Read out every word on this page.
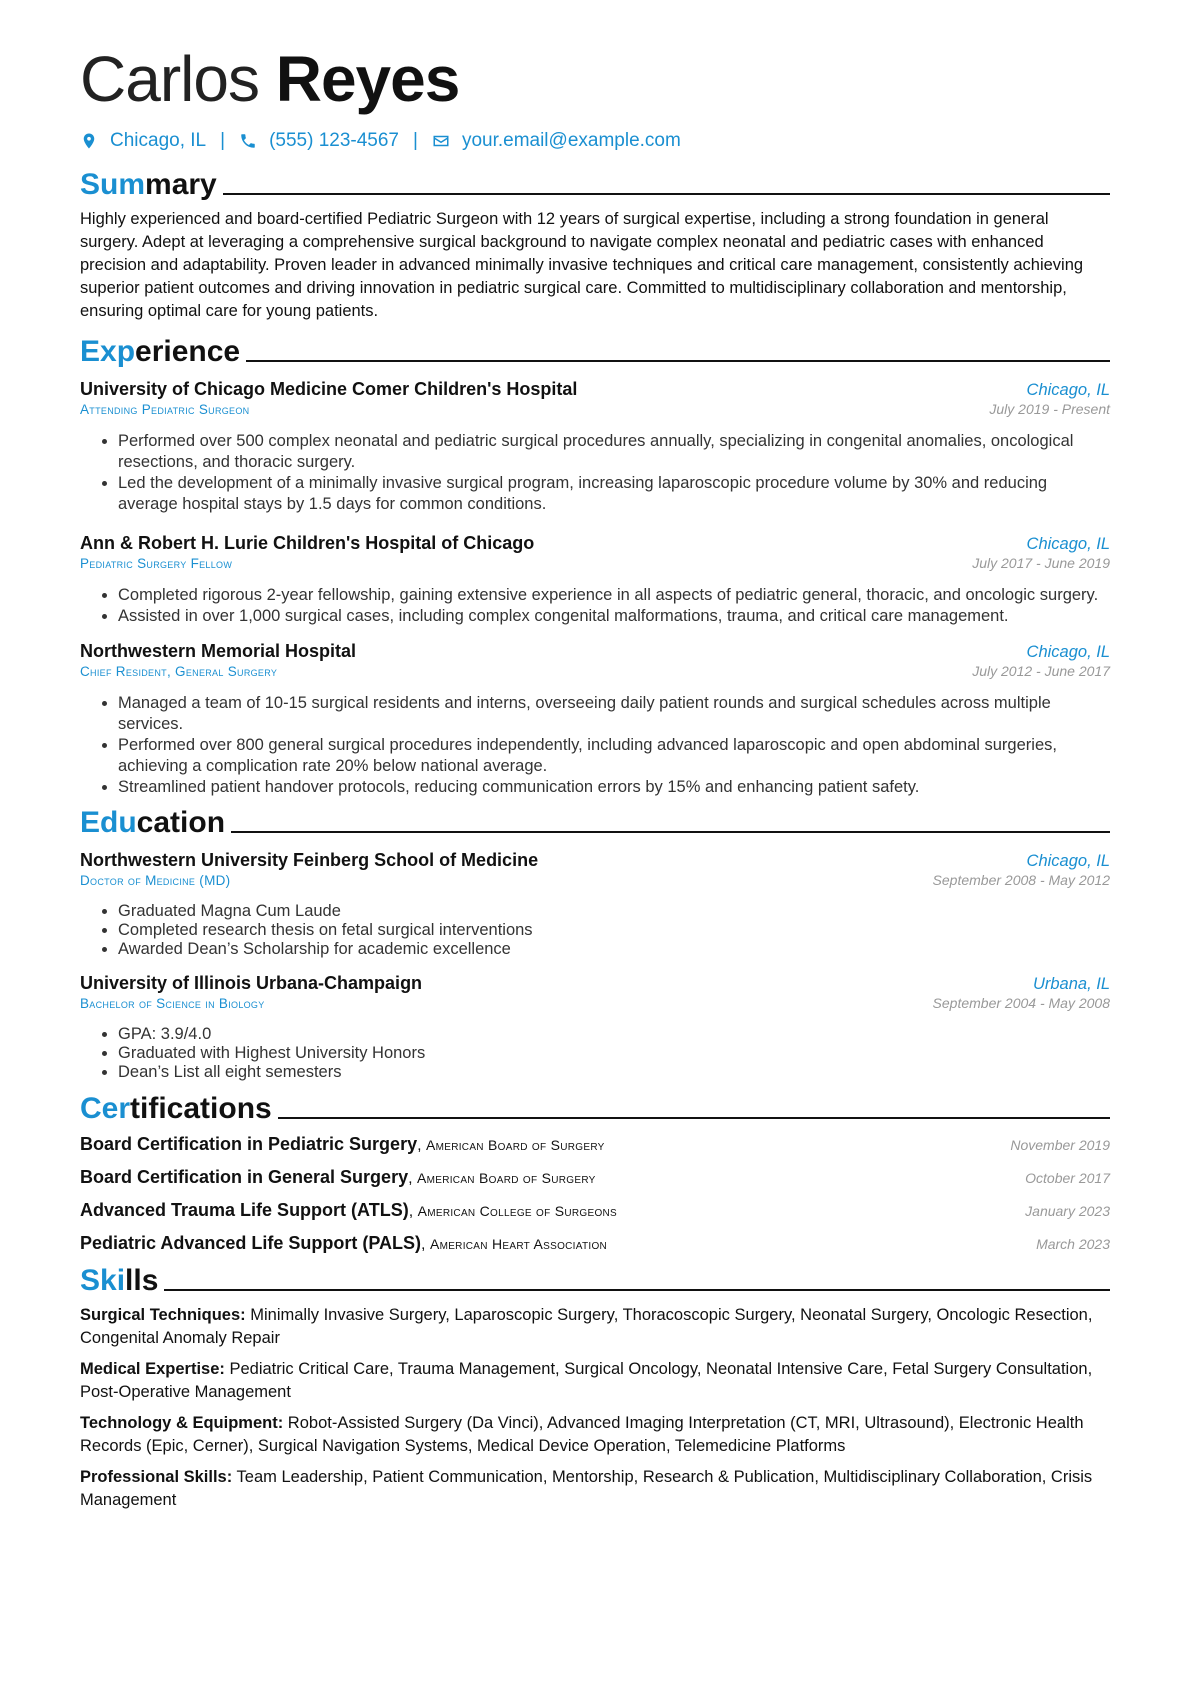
Carlos Reyes
Chicago, IL | (555) 123-4567 | your.email@example.com
Summary
Highly experienced and board-certified Pediatric Surgeon with 12 years of surgical expertise, including a strong foundation in general surgery. Adept at leveraging a comprehensive surgical background to navigate complex neonatal and pediatric cases with enhanced precision and adaptability. Proven leader in advanced minimally invasive techniques and critical care management, consistently achieving superior patient outcomes and driving innovation in pediatric surgical care. Committed to multidisciplinary collaboration and mentorship, ensuring optimal care for young patients.
Experience
University of Chicago Medicine Comer Children's Hospital	Chicago, IL
Attending Pediatric Surgeon	July 2019 - Present
• Performed over 500 complex neonatal and pediatric surgical procedures annually, specializing in congenital anomalies, oncological resections, and thoracic surgery.
• Led the development of a minimally invasive surgical program, increasing laparoscopic procedure volume by 30% and reducing average hospital stays by 1.5 days for common conditions.
Ann & Robert H. Lurie Children's Hospital of Chicago	Chicago, IL
Pediatric Surgery Fellow	July 2017 - June 2019
• Completed rigorous 2-year fellowship, gaining extensive experience in all aspects of pediatric general, thoracic, and oncologic surgery.
• Assisted in over 1,000 surgical cases, including complex congenital malformations, trauma, and critical care management.
Northwestern Memorial Hospital	Chicago, IL
Chief Resident, General Surgery	July 2012 - June 2017
• Managed a team of 10-15 surgical residents and interns, overseeing daily patient rounds and surgical schedules across multiple services.
• Performed over 800 general surgical procedures independently, including advanced laparoscopic and open abdominal surgeries, achieving a complication rate 20% below national average.
• Streamlined patient handover protocols, reducing communication errors by 15% and enhancing patient safety.
Education
Northwestern University Feinberg School of Medicine	Chicago, IL
Doctor of Medicine (MD)	September 2008 - May 2012
• Graduated Magna Cum Laude
• Completed research thesis on fetal surgical interventions
• Awarded Dean’s Scholarship for academic excellence
University of Illinois Urbana-Champaign	Urbana, IL
Bachelor of Science in Biology	September 2004 - May 2008
• GPA: 3.9/4.0
• Graduated with Highest University Honors
• Dean’s List all eight semesters
Certifications
Board Certification in Pediatric Surgery, American Board of Surgery	November 2019
Board Certification in General Surgery, American Board of Surgery	October 2017
Advanced Trauma Life Support (ATLS), American College of Surgeons	January 2023
Pediatric Advanced Life Support (PALS), American Heart Association	March 2023
Skills
Surgical Techniques: Minimally Invasive Surgery, Laparoscopic Surgery, Thoracoscopic Surgery, Neonatal Surgery, Oncologic Resection, Congenital Anomaly Repair
Medical Expertise: Pediatric Critical Care, Trauma Management, Surgical Oncology, Neonatal Intensive Care, Fetal Surgery Consultation, Post-Operative Management
Technology & Equipment: Robot-Assisted Surgery (Da Vinci), Advanced Imaging Interpretation (CT, MRI, Ultrasound), Electronic Health Records (Epic, Cerner), Surgical Navigation Systems, Medical Device Operation, Telemedicine Platforms
Professional Skills: Team Leadership, Patient Communication, Mentorship, Research & Publication, Multidisciplinary Collaboration, Crisis Management
